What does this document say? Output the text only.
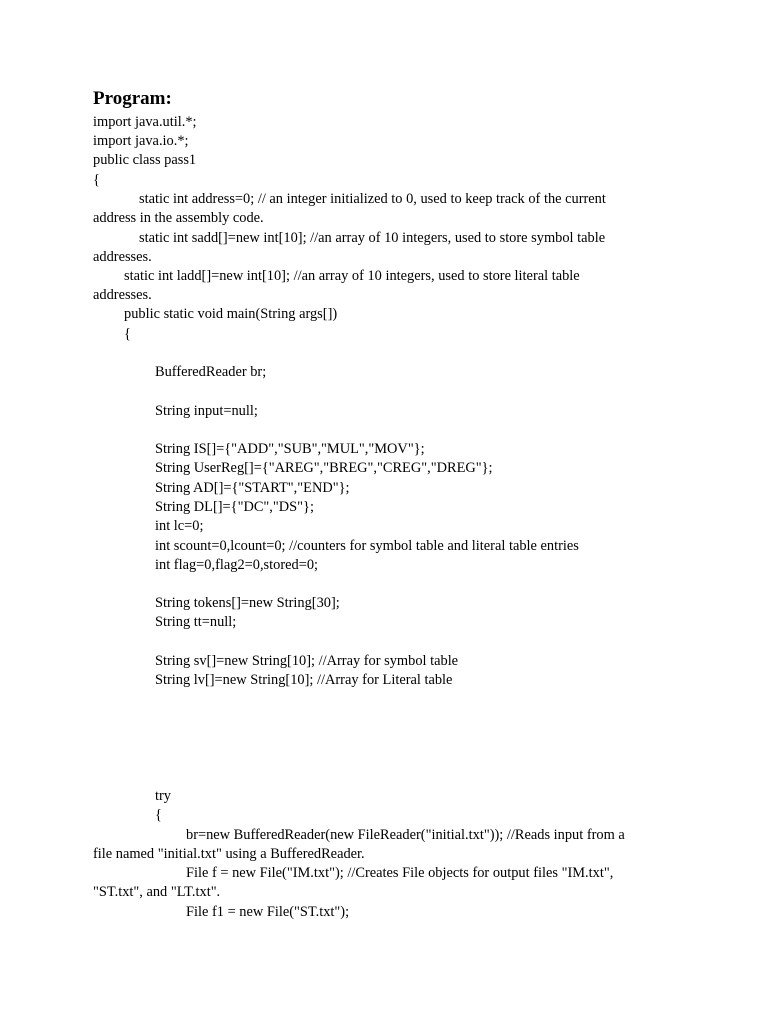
Program:
import java.util.*;
import java.io.*;
public class pass1
{
static int address=0; // an integer initialized to 0, used to keep track of the current
address in the assembly code.
static int sadd[]=new int[10]; //an array of 10 integers, used to store symbol table
addresses.
static int ladd[]=new int[10]; //an array of 10 integers, used to store literal table
addresses.
public static void main(String args[])
{
BufferedReader br;
String input=null;
String IS[]={"ADD","SUB","MUL","MOV"};
String UserReg[]={"AREG","BREG","CREG","DREG"};
String AD[]={"START","END"};
String DL[]={"DC","DS"};
int lc=0;
int scount=0,lcount=0; //counters for symbol table and literal table entries
int flag=0,flag2=0,stored=0;
String tokens[]=new String[30];
String tt=null;
String sv[]=new String[10]; //Array for symbol table
String lv[]=new String[10]; //Array for Literal table
try
{
br=new BufferedReader(new FileReader("initial.txt")); //Reads input from a
file named "initial.txt" using a BufferedReader.
File f = new File("IM.txt"); //Creates File objects for output files "IM.txt",
"ST.txt", and "LT.txt".
File f1 = new File("ST.txt");
